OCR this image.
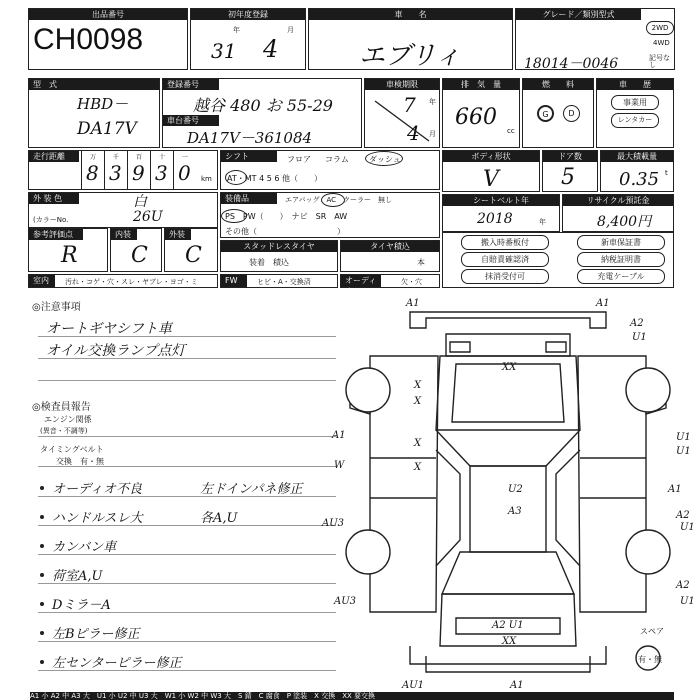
出品番号
CH0098
初年度登録
年	月
31 4
車　　名
エブリィ
グレード／類別型式
18014－0046
2WD
4WD
記号なし
型　式
HBD－
DA17V
登録番号
越谷 480 お 55-29
車台番号
DA17V－361084
車検期限
年
月
7
4
排　気　量
660
cc
燃　　料
G	D
車　　歴
事業用
レンタカー
走行距離	万
8
千
3
百
9
十
3
一
0 km
シフト	フロア コラム	ダッシュ
AT・MT 4 5 6 他（　　）
ボディ形状
V
ドア数
5
最大積載量
0.35 t
外 装 色	白
(カラーNo.	26U
装備品	エアバッグ　AC　クーラー　無し
PS　PW（　　）　ナビ　SR　AW
その他（　　　　　　　　　　）
シートベルト年
2018	年
リサイクル預託金
8,400円
参考評価点
R
内装
C
外装
C	スタッドレスタイヤ
装着　積込
タイヤ積込
本
搬入時番板付	新車保証書
自賠責確認済	納税証明書
抹消受付可	充電ケーブル
室内	汚れ・コゲ・穴・スレ・ヤブレ・ヨゴ・ミ	FW	ヒビ・A・交換済	オーディオ
欠・穴
◎注意事項
オートギヤシフト車
オイル交換ランプ点灯
◎検査員報告
エンジン関係
(異音・不調等)
タイミングベルト
交換　有・無
オーディオ不良	左ドインパネ修正
ハンドルスレ大	各A,U
カンバン車
荷室A,U
Dミラ－A
左Bピラー修正
左センターピラー修正
A1	A1
A2
U1
XX
X
X
X
X
A1
W
AU3
U2
A3
U1
U1
A1
A2
U1
A2
U1
AU3
A2 U1
XX
AU1	A1
スペア
有・無
A1 小 A2 中 A3 大　U1 小 U2 中 U3 大　W1 小 W2 中 W3 大　S 錆　C 腐食　P 塗装　X 交換　XX 要交換
